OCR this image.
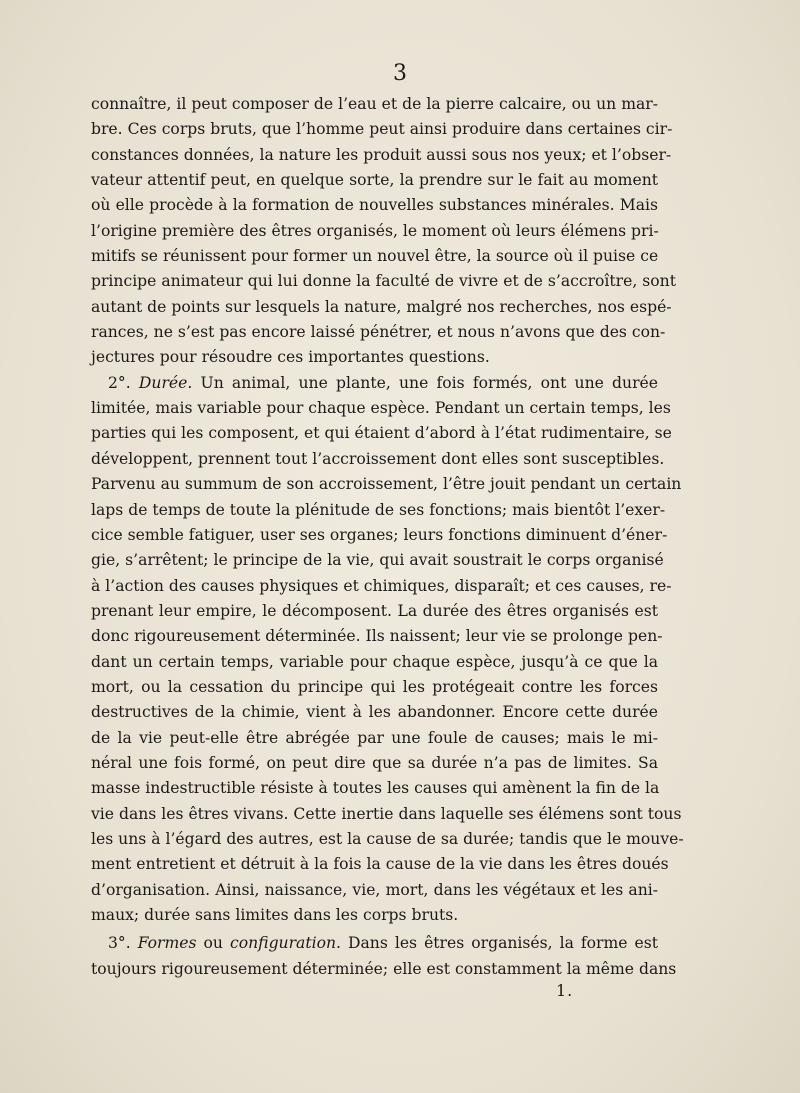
3
connaître, il peut composer de l’eau et de la pierre calcaire, ou un mar-
bre. Ces corps bruts, que l’homme peut ainsi produire dans certaines cir-
constances données, la nature les produit aussi sous nos yeux; et l’obser-
vateur attentif peut, en quelque sorte, la prendre sur le fait au moment
où elle procède à la formation de nouvelles substances minérales. Mais
l’origine première des êtres organisés, le moment où leurs élémens pri-
mitifs se réunissent pour former un nouvel être, la source où il puise ce
principe animateur qui lui donne la faculté de vivre et de s’accroître, sont
autant de points sur lesquels la nature, malgré nos recherches, nos espé-
rances, ne s’est pas encore laissé pénétrer, et nous n’avons que des con-
jectures pour résoudre ces importantes questions.
2°. Durée. Un animal, une plante, une fois formés, ont une durée
limitée, mais variable pour chaque espèce. Pendant un certain temps, les
parties qui les composent, et qui étaient d’abord à l’état rudimentaire, se
développent, prennent tout l’accroissement dont elles sont susceptibles.
Parvenu au summum de son accroissement, l’être jouit pendant un certain
laps de temps de toute la plénitude de ses fonctions; mais bientôt l’exer-
cice semble fatiguer, user ses organes; leurs fonctions diminuent d’éner-
gie, s’arrêtent; le principe de la vie, qui avait soustrait le corps organisé
à l’action des causes physiques et chimiques, disparaît; et ces causes, re-
prenant leur empire, le décomposent. La durée des êtres organisés est
donc rigoureusement déterminée. Ils naissent; leur vie se prolonge pen-
dant un certain temps, variable pour chaque espèce, jusqu’à ce que la
mort, ou la cessation du principe qui les protégeait contre les forces
destructives de la chimie, vient à les abandonner. Encore cette durée
de la vie peut-elle être abrégée par une foule de causes; mais le mi-
néral une fois formé, on peut dire que sa durée n’a pas de limites. Sa
masse indestructible résiste à toutes les causes qui amènent la fin de la
vie dans les êtres vivans. Cette inertie dans laquelle ses élémens sont tous
les uns à l’égard des autres, est la cause de sa durée; tandis que le mouve-
ment entretient et détruit à la fois la cause de la vie dans les êtres doués
d’organisation. Ainsi, naissance, vie, mort, dans les végétaux et les ani-
maux; durée sans limites dans les corps bruts.
3°. Formes ou configuration. Dans les êtres organisés, la forme est
toujours rigoureusement déterminée; elle est constamment la même dans
1.
